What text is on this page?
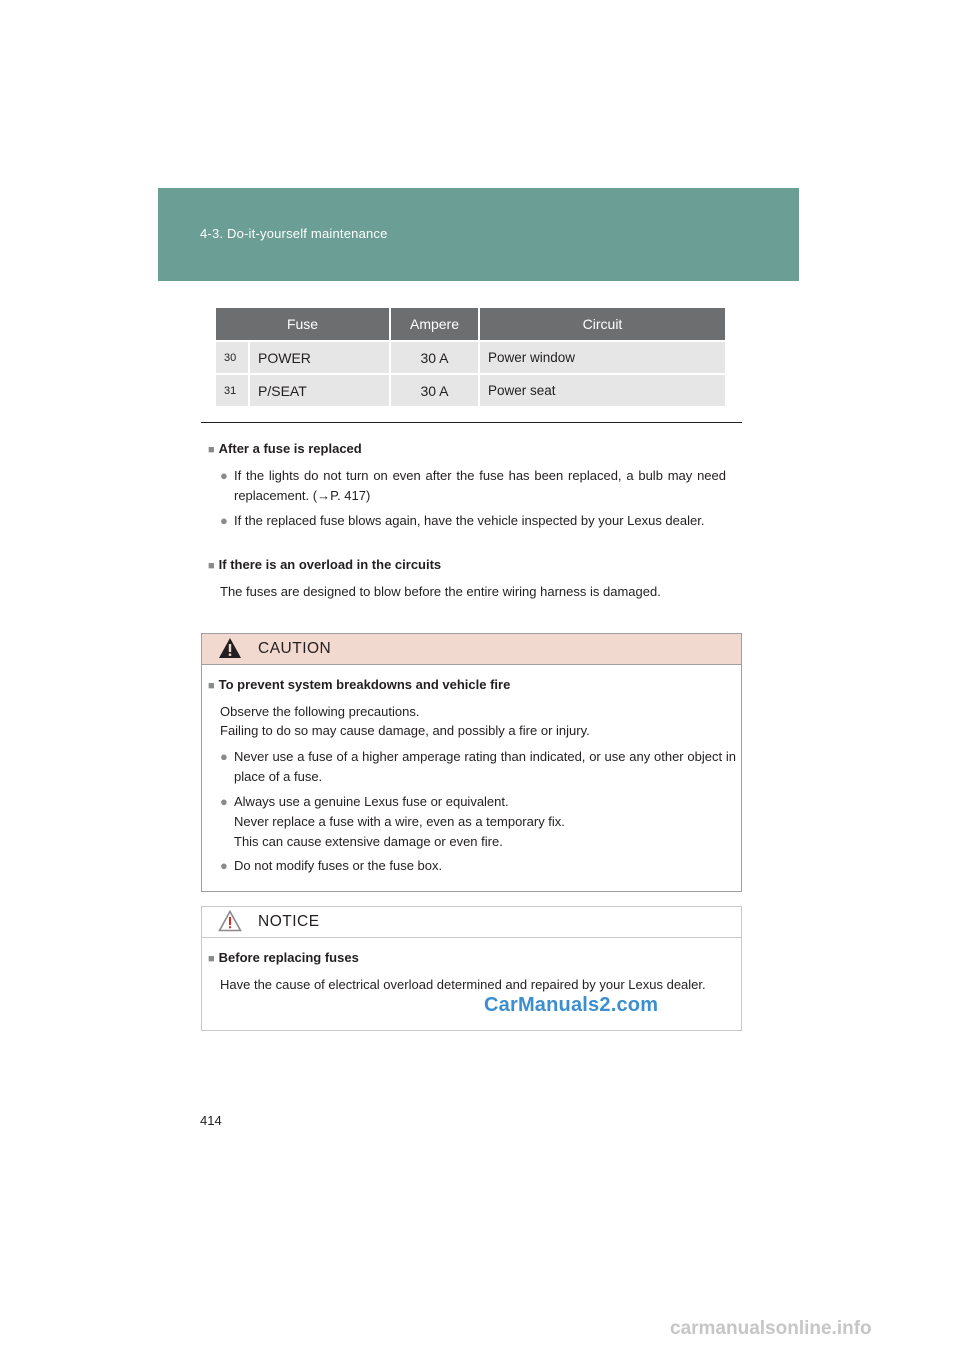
4-3. Do-it-yourself maintenance
Fuse		Ampere	Circuit
30	POWER	30 A	Power window
31	P/SEAT	30 A	Power seat
■ After a fuse is replaced
● If the lights do not turn on even after the fuse has been replaced, a bulb may need replacement. (→P. 417)
● If the replaced fuse blows again, have the vehicle inspected by your Lexus dealer.
■ If there is an overload in the circuits
The fuses are designed to blow before the entire wiring harness is damaged.
CAUTION
■ To prevent system breakdowns and vehicle fire
Observe the following precautions.
Failing to do so may cause damage, and possibly a fire or injury.
● Never use a fuse of a higher amperage rating than indicated, or use any other object in place of a fuse.
● Always use a genuine Lexus fuse or equivalent.
Never replace a fuse with a wire, even as a temporary fix.
This can cause extensive damage or even fire.
● Do not modify fuses or the fuse box.
NOTICE
■ Before replacing fuses
Have the cause of electrical overload determined and repaired by your Lexus dealer.
CarManuals2.com
414
carmanualsonline.info
